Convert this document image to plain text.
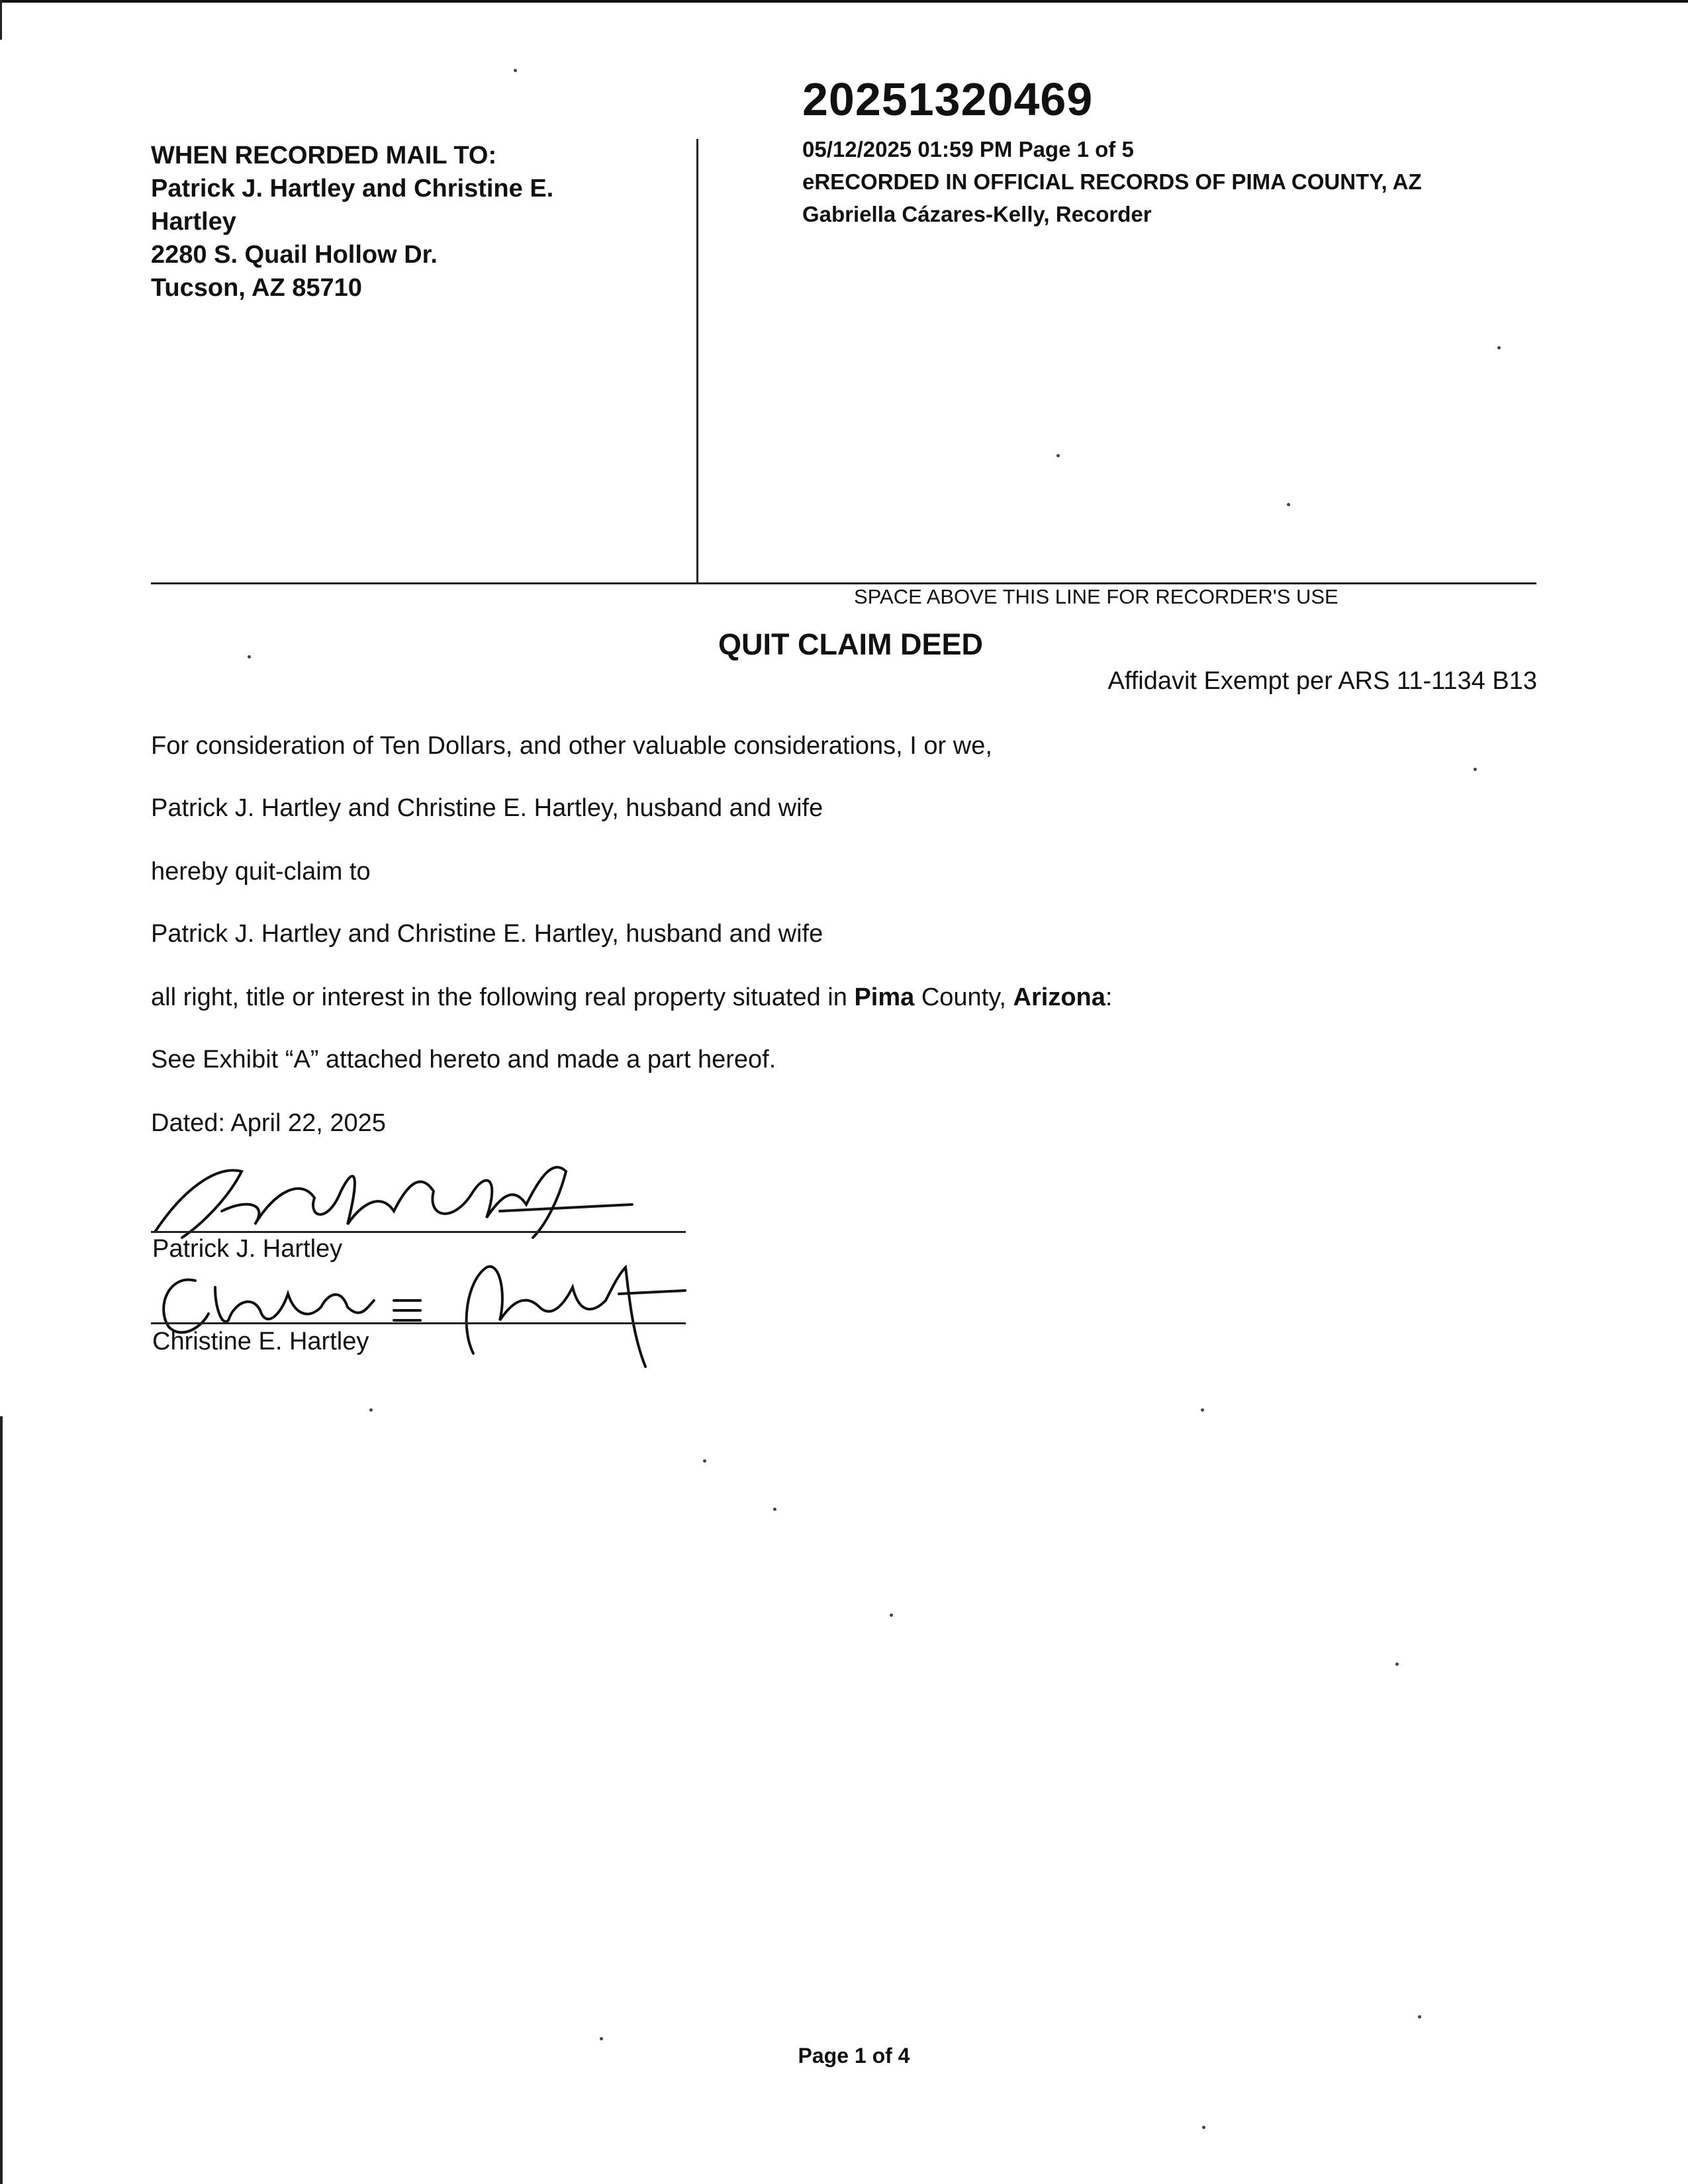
WHEN RECORDED MAIL TO:
Patrick J. Hartley and Christine E.
Hartley
2280 S. Quail Hollow Dr.
Tucson, AZ 85710
20251320469
05/12/2025 01:59 PM Page 1 of 5
eRECORDED IN OFFICIAL RECORDS OF PIMA COUNTY, AZ
Gabriella Cázares-Kelly, Recorder
SPACE ABOVE THIS LINE FOR RECORDER'S USE
QUIT CLAIM DEED
Affidavit Exempt per ARS 11-1134 B13
For consideration of Ten Dollars, and other valuable considerations, I or we,
Patrick J. Hartley and Christine E. Hartley, husband and wife
hereby quit-claim to
Patrick J. Hartley and Christine E. Hartley, husband and wife
all right, title or interest in the following real property situated in Pima County, Arizona:
See Exhibit “A” attached hereto and made a part hereof.
Dated: April 22, 2025
Patrick J. Hartley
Christine E. Hartley
Page 1 of 4
